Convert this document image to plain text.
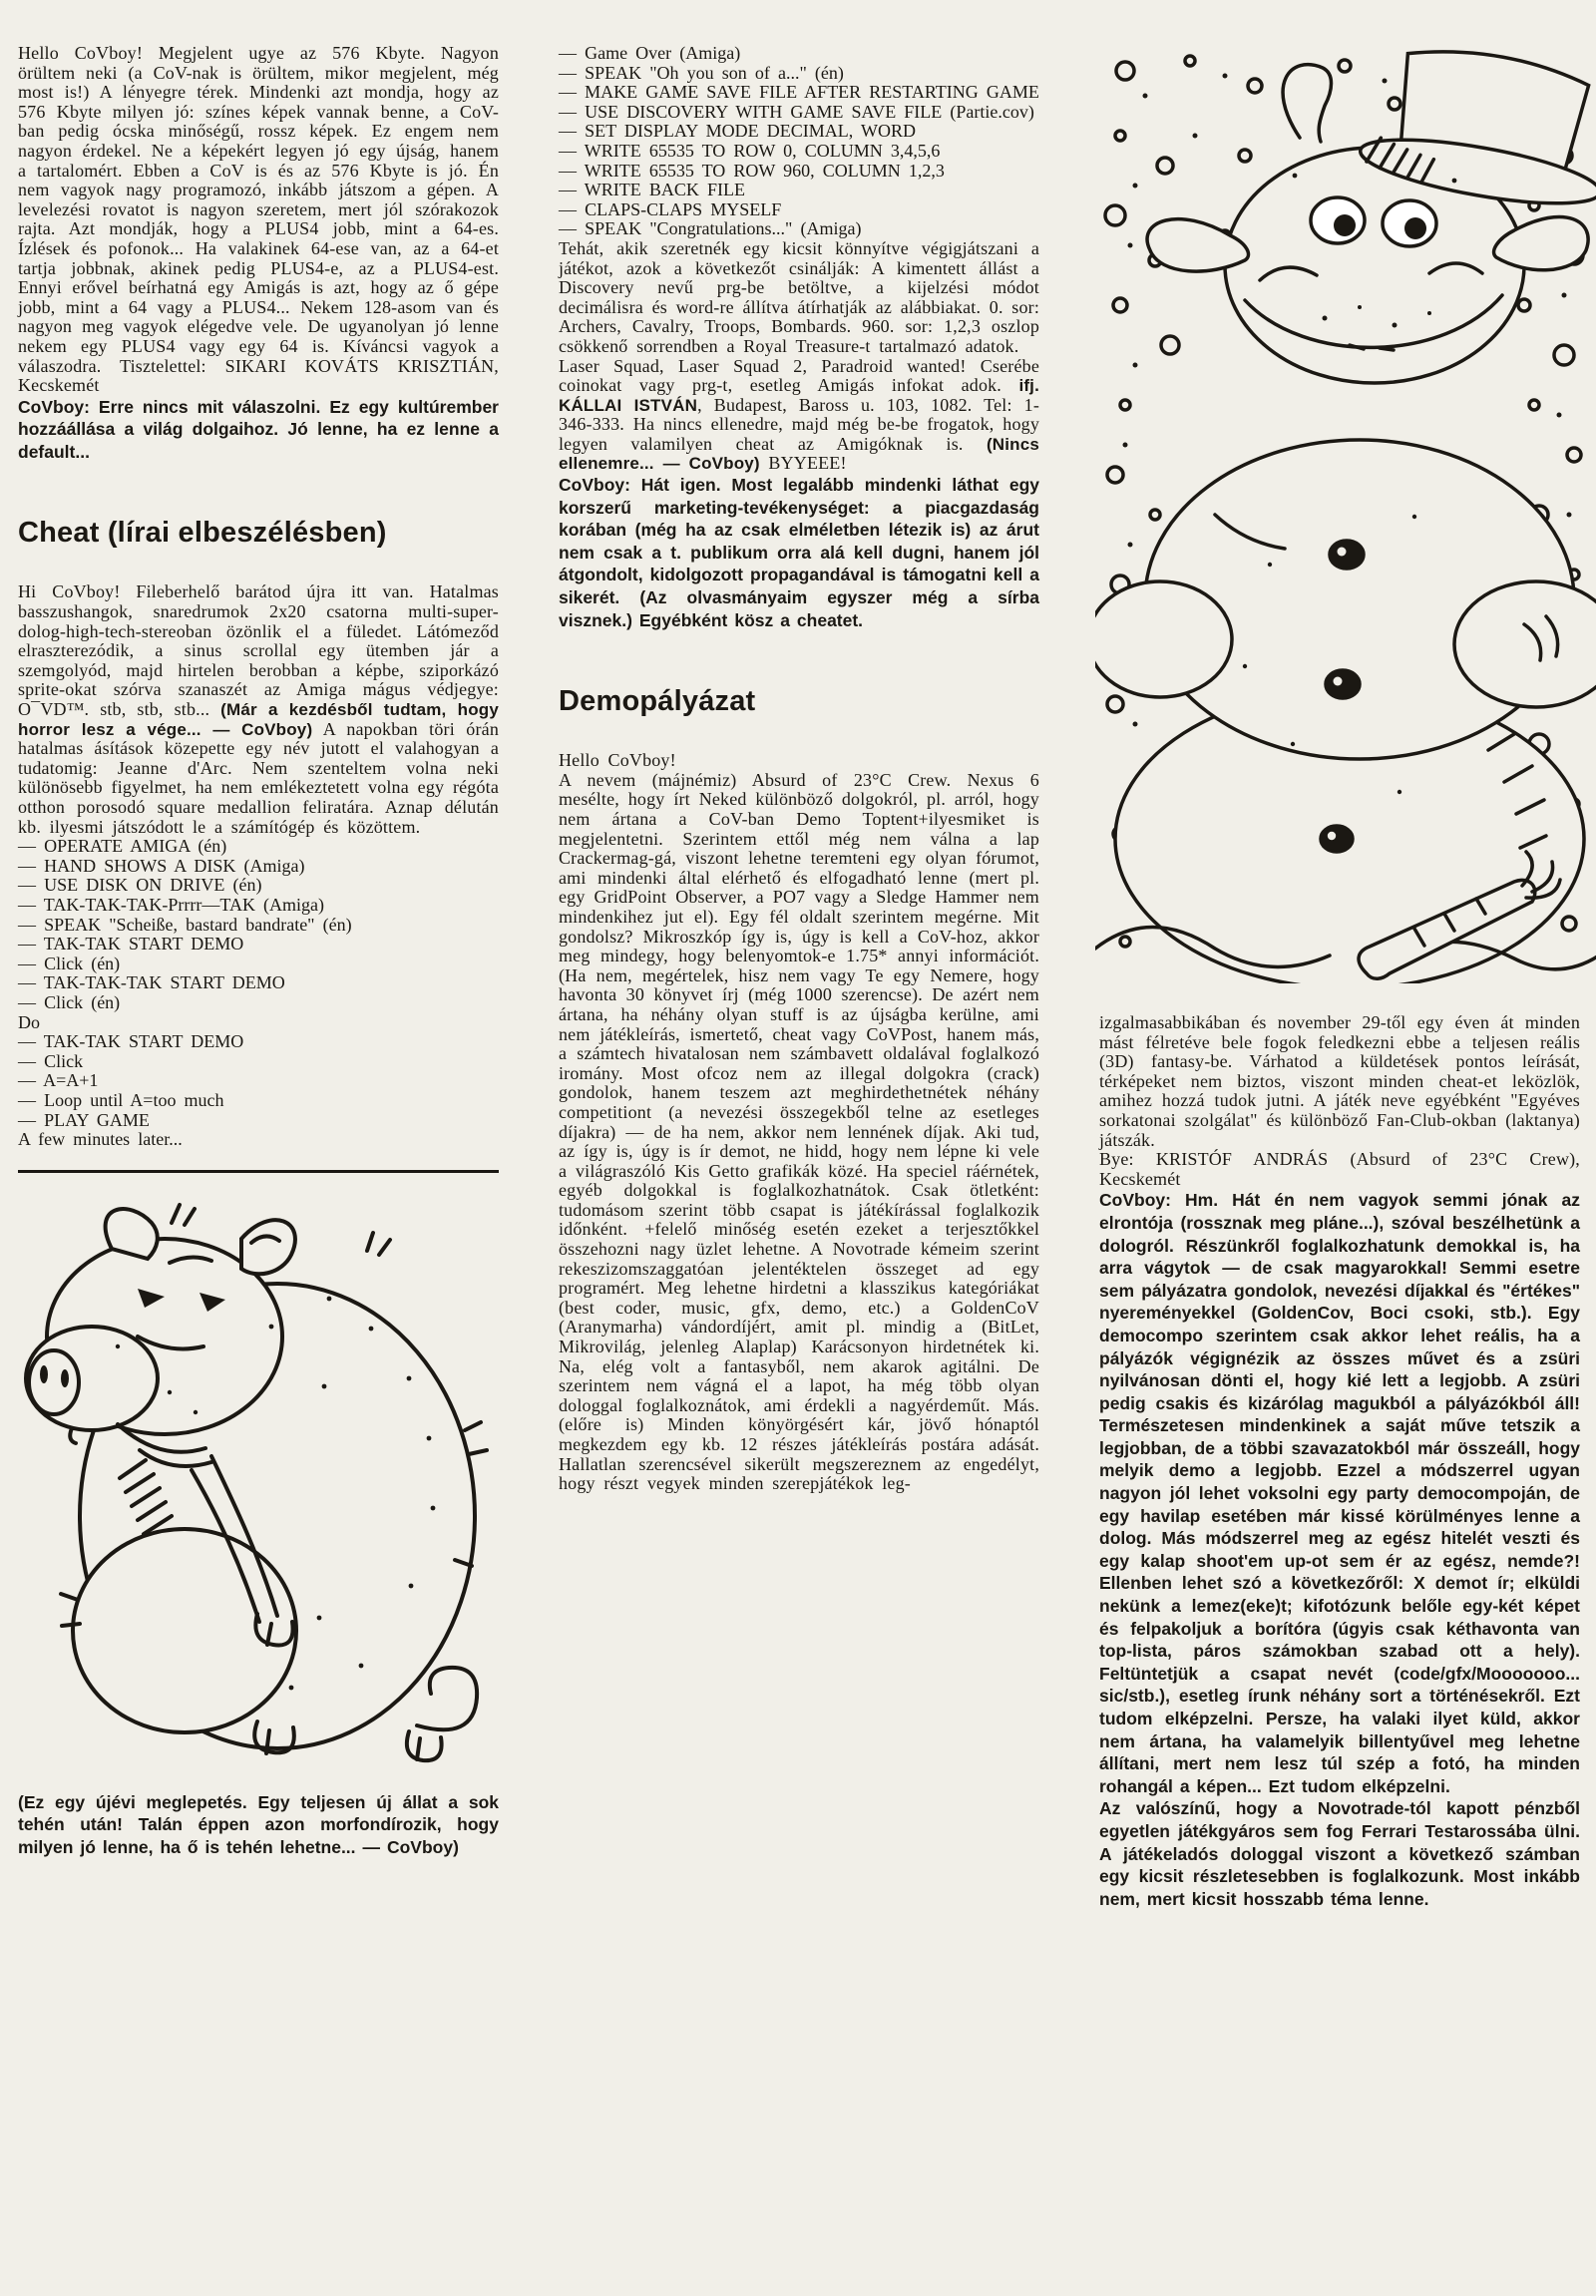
Hello CoVboy! Megjelent ugye az 576 Kbyte. Nagyon örültem neki (a CoV-nak is örültem, mikor megjelent, még most is!) A lényegre térek. Mindenki azt mondja, hogy az 576 Kbyte milyen jó: színes képek vannak benne, a CoV-ban pedig ócska minőségű, rossz képek. Ez engem nem nagyon érdekel. Ne a képekért legyen jó egy újság, hanem a tartalomért. Ebben a CoV is és az 576 Kbyte is jó. Én nem vagyok nagy programozó, inkább játszom a gépen. A levelezési rovatot is nagyon szeretem, mert jól szórakozok rajta. Azt mondják, hogy a PLUS4 jobb, mint a 64-es. Ízlések és pofonok... Ha valakinek 64-ese van, az a 64-et tartja jobbnak, akinek pedig PLUS4-e, az a PLUS4-est. Ennyi erővel beírhatná egy Amigás is azt, hogy az ő gépe jobb, mint a 64 vagy a PLUS4... Nekem 128-asom van és nagyon meg vagyok elégedve vele. De ugyanolyan jó lenne nekem egy PLUS4 vagy egy 64 is. Kíváncsi vagyok a válaszodra. Tisztelettel: SIKARI KOVÁTS KRISZTIÁN, Kecskemét

CoVboy: Erre nincs mit válaszolni. Ez egy kultúrember hozzáállása a világ dolgaihoz. Jó lenne, ha ez lenne a default...

Cheat (lírai elbeszélésben)

Hi CoVboy! Fileberhelő barátod újra itt van. Hatalmas basszushangok, snaredrumok 2x20 csatorna multi-super-dolog-high-tech-stereoban özönlik el a füledet. Látómeződ elraszterezódik, a sinus scrollal egy ütemben jár a szemgolyód, majd hirtelen berobban a képbe, sziporkázó sprite-okat szórva szanaszét az Amiga mágus védjegye: O¯VD™. stb, stb, stb... (Már a kezdésből tudtam, hogy horror lesz a vége... — CoVboy) A napokban töri órán hatalmas ásítások közepette egy név jutott el valahogyan a tudatomig: Jeanne d'Arc. Nem szenteltem volna neki különösebb figyelmet, ha nem emlékeztetett volna egy régóta otthon porosodó square medallion feliratára. Aznap délután kb. ilyesmi játszódott le a számítógép és közöttem.

— OPERATE AMIGA (én)

— HAND SHOWS A DISK (Amiga)

— USE DISK ON DRIVE (én)

— TAK-TAK-TAK-Prrrr—TAK (Amiga)

— SPEAK "Scheiße, bastard bandrate" (én)

— TAK-TAK START DEMO

— Click (én)

— TAK-TAK-TAK START DEMO

— Click (én)

Do

— TAK-TAK START DEMO

— Click

— A=A+1

— Loop until A=too much

— PLAY GAME

A few minutes later...

(Ez egy újévi meglepetés. Egy teljesen új állat a sok tehén után! Talán éppen azon morfondírozik, hogy milyen jó lenne, ha ő is tehén lehetne... — CoVboy)

— Game Over (Amiga)

— SPEAK "Oh you son of a..." (én)

— MAKE GAME SAVE FILE AFTER RESTARTING GAME

— USE DISCOVERY WITH GAME SAVE FILE (Partie.cov)

— SET DISPLAY MODE DECIMAL, WORD

— WRITE 65535 TO ROW 0, COLUMN 3,4,5,6

— WRITE 65535 TO ROW 960, COLUMN 1,2,3

— WRITE BACK FILE

— CLAPS-CLAPS MYSELF

— SPEAK "Congratulations..." (Amiga)

Tehát, akik szeretnék egy kicsit könnyítve végigjátszani a játékot, azok a következőt csinálják: A kimentett állást a Discovery nevű prg-be betöltve, a kijelzési módot decimálisra és word-re állítva átírhatják az alábbiakat. 0. sor: Archers, Cavalry, Troops, Bombards. 960. sor: 1,2,3 oszlop csökkenő sorrendben a Royal Treasure-t tartalmazó adatok.

Laser Squad, Laser Squad 2, Paradroid wanted! Cserébe coinokat vagy prg-t, esetleg Amigás infokat adok. ifj. KÁLLAI ISTVÁN, Budapest, Baross u. 103, 1082. Tel: 1-346-333. Ha nincs ellenedre, majd még be-be frogatok, hogy legyen valamilyen cheat az Amigóknak is. (Nincs ellenemre... — CoVboy) BYYEEE!

CoVboy: Hát igen. Most legalább mindenki láthat egy korszerű marketing-tevékenységet: a piacgazdaság korában (még ha az csak elméletben létezik is) az árut nem csak a t. publikum orra alá kell dugni, hanem jól átgondolt, kidolgozott propagandával is támogatni kell a sikerét. (Az olvasmányaim egyszer még a sírba visznek.) Egyébként kösz a cheatet.

Demopályázat

Hello CoVboy!

A nevem (májnémiz) Absurd of 23°C Crew. Nexus 6 mesélte, hogy írt Neked különböző dolgokról, pl. arról, hogy nem ártana a CoV-ban Demo Toptent+ilyesmiket is megjelentetni. Szerintem ettől még nem válna a lap Crackermag-gá, viszont lehetne teremteni egy olyan fórumot, ami mindenki által elérhető és elfogadható lenne (mert pl. egy GridPoint Observer, a PO7 vagy a Sledge Hammer nem mindenkihez jut el). Egy fél oldalt szerintem megérne. Mit gondolsz? Mikroszkóp így is, úgy is kell a CoV-hoz, akkor meg mindegy, hogy belenyomtok-e 1.75* annyi információt. (Ha nem, megértelek, hisz nem vagy Te egy Nemere, hogy havonta 30 könyvet írj (még 1000 szerencse). De azért nem ártana, ha néhány olyan stuff is az újságba kerülne, ami nem játékleírás, ismertető, cheat vagy CoVPost, hanem más, a számtech hivatalosan nem számbavett oldalával foglalkozó iromány. Most ofcoz nem az illegal dolgokra (crack) gondolok, hanem teszem azt meghirdethetnétek néhány competitiont (a nevezési összegekből telne az esetleges díjakra) — de ha nem, akkor nem lennének díjak. Aki tud, az így is, úgy is ír demot, ne hidd, hogy nem lépne ki vele a világraszóló Kis Getto grafikák közé. Ha speciel ráérnétek, egyéb dolgokkal is foglalkozhatnátok. Csak ötletként: tudomásom szerint több csapat is játékírással foglalkozik időnként. +felelő minőség esetén ezeket a terjesztőkkel összehozni nagy üzlet lehetne. A Novotrade kémeim szerint rekeszizomszaggatóan jelentéktelen összeget ad egy programért. Meg lehetne hirdetni a klasszikus kategóriákat (best coder, music, gfx, demo, etc.) a GoldenCoV (Aranymarha) vándordíjért, amit pl. mindig a (BitLet, Mikrovilág, jelenleg Alaplap) Karácsonyon hirdetnétek ki. Na, elég volt a fantasyből, nem akarok agitálni. De szerintem nem vágná el a lapot, ha még több olyan dologgal foglalkoznátok, ami érdekli a nagyérdeműt. Más. (előre is) Minden könyörgésért kár, jövő hónaptól megkezdem egy kb. 12 részes játékleírás postára adását. Hallatlan szerencsével sikerült megszereznem az engedélyt, hogy részt vegyek minden szerepjátékok leg-

izgalmasabbikában és november 29-től egy éven át minden mást félretéve bele fogok feledkezni ebbe a teljesen reális (3D) fantasy-be. Várhatod a küldetések pontos leírását, térképeket nem biztos, viszont minden cheat-et leközlök, amihez hozzá tudok jutni. A játék neve egyébként "Egyéves sorkatonai szolgálat" és különböző Fan-Club-okban (laktanya) játszák.

Bye: KRISTÓF ANDRÁS (Absurd of 23°C Crew), Kecskemét

CoVboy: Hm. Hát én nem vagyok semmi jónak az elrontója (rossznak meg pláne...), szóval beszélhetünk a dologról. Részünkről foglalkozhatunk demokkal is, ha arra vágytok — de csak magyarokkal! Semmi esetre sem pályázatra gondolok, nevezési díjakkal és "értékes" nyereményekkel (GoldenCov, Boci csoki, stb.). Egy democompo szerintem csak akkor lehet reális, ha a pályázók végignézik az összes művet és a zsüri nyilvánosan dönti el, hogy kié lett a legjobb. A zsüri pedig csakis és kizárólag magukból a pályázókból áll! Természetesen mindenkinek a saját műve tetszik a legjobban, de a többi szavazatokból már összeáll, hogy melyik demo a legjobb. Ezzel a módszerrel ugyan nagyon jól lehet voksolni egy party democompoján, de egy havilap esetében már kissé körülményes lenne a dolog. Más módszerrel meg az egész hitelét veszti és egy kalap shoot'em up-ot sem ér az egész, nemde?! Ellenben lehet szó a következőről: X demot ír; elküldi nekünk a lemez(eke)t; kifotózunk belőle egy-két képet és felpakoljuk a borítóra (úgyis csak kéthavonta van top-lista, páros számokban szabad ott a hely). Feltüntetjük a csapat nevét (code/gfx/Mooooooo... sic/stb.), esetleg írunk néhány sort a történésekről. Ezt tudom elképzelni. Persze, ha valaki ilyet küld, akkor nem ártana, ha valamelyik billentyűvel meg lehetne állítani, mert nem lesz túl szép a fotó, ha minden rohangál a képen... Ezt tudom elképzelni.

Az valószínű, hogy a Novotrade-tól kapott pénzből egyetlen játékgyáros sem fog Ferrari Testarossába ülni. A játékeladós dologgal viszont a következő számban egy kicsit részletesebben is foglalkozunk. Most inkább nem, mert kicsit hosszabb téma lenne.
